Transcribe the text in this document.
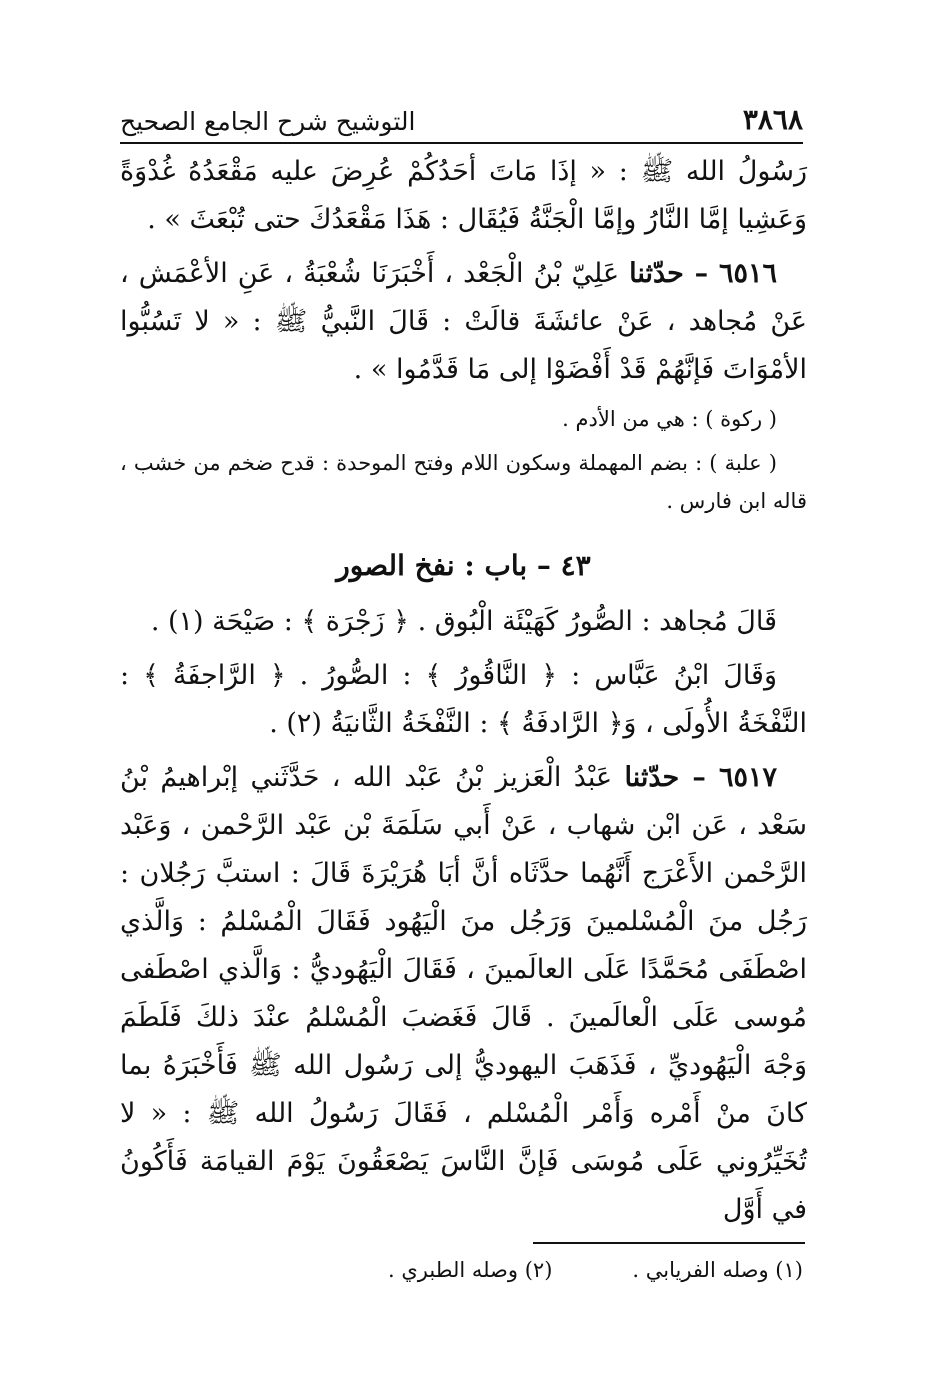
٣٨٦٨
التوشيح شرح الجامع الصحيح

رَسُولُ الله ﷺ : « إذَا مَاتَ أحَدُكُمْ عُرِضَ عليه مَقْعَدُهُ غُدْوَةً وَعَشِيا إمَّا النَّارُ وإمَّا الْجَنَّةُ فَيُقَال : هَذَا مَقْعَدُكَ حتى تُبْعَثَ » .

٦٥١٦ – حدّثنا عَلِيّ بْنُ الْجَعْد ، أَخْبَرَنَا شُعْبَةُ ، عَنِ الأعْمَش ، عَنْ مُجاهد ، عَنْ عائشَةَ قالَتْ : قَالَ النَّبيُّ ﷺ : « لا تَسُبُّوا الأمْوَاتَ فَإنَّهُمْ قَدْ أَفْضَوْا إلى مَا قَدَّمُوا » .

( ركوة ) : هي من الأدم .

( علبة ) : بضم المهملة وسكون اللام وفتح الموحدة : قدح ضخم من خشب ، قاله ابن فارس .

٤٣ – باب : نفخ الصور

قَالَ مُجاهد : الصُّورُ كَهَيْئَة الْبُوق . ﴿ زَجْرَة ﴾ : صَيْحَة (١) .

وَقَالَ ابْنُ عَبَّاس : ﴿ النَّاقُورُ ﴾ : الصُّورُ . ﴿ الرَّاجفَةُ ﴾ : النَّفْخَةُ الأُولَى ، وَ﴿ الرَّادفَةُ ﴾ : النَّفْخَةُ الثَّانيَةُ (٢) .

٦٥١٧ – حدّثنا عَبْدُ الْعَزيز بْنُ عَبْد الله ، حَدَّثَني إبْراهيمُ بْنُ سَعْد ، عَن ابْن شهاب ، عَنْ أَبي سَلَمَةَ بْن عَبْد الرَّحْمن ، وَعَبْد الرَّحْمن الأَعْرَج أَنَّهُما حدَّثَاه أنَّ أبَا هُرَيْرَةَ قَالَ : استبَّ رَجُلان : رَجُل منَ الْمُسْلمينَ وَرَجُل منَ الْيَهُود فَقَالَ الْمُسْلمُ : وَالَّذي اصْطَفَى مُحَمَّدًا عَلَى العالَمينَ ، فَقَالَ الْيَهُوديُّ : وَالَّذي اصْطَفى مُوسى عَلَى الْعالَمينَ . قَالَ فَغَضبَ الْمُسْلمُ عنْدَ ذلكَ فَلَطَمَ وَجْهَ الْيَهُوديِّ ، فَذَهَبَ اليهوديُّ إلى رَسُول الله ﷺ فَأَخْبَرَهُ بما كانَ منْ أَمْره وَأَمْر الْمُسْلم ، فَقَالَ رَسُولُ الله ﷺ : « لا تُخَيِّرُوني عَلَى مُوسَى فَإنَّ النَّاسَ يَصْعَقُونَ يَوْمَ القيامَة فَأَكُونُ في أَوَّل

(١) وصله الفريابي .
(٢) وصله الطبري .
